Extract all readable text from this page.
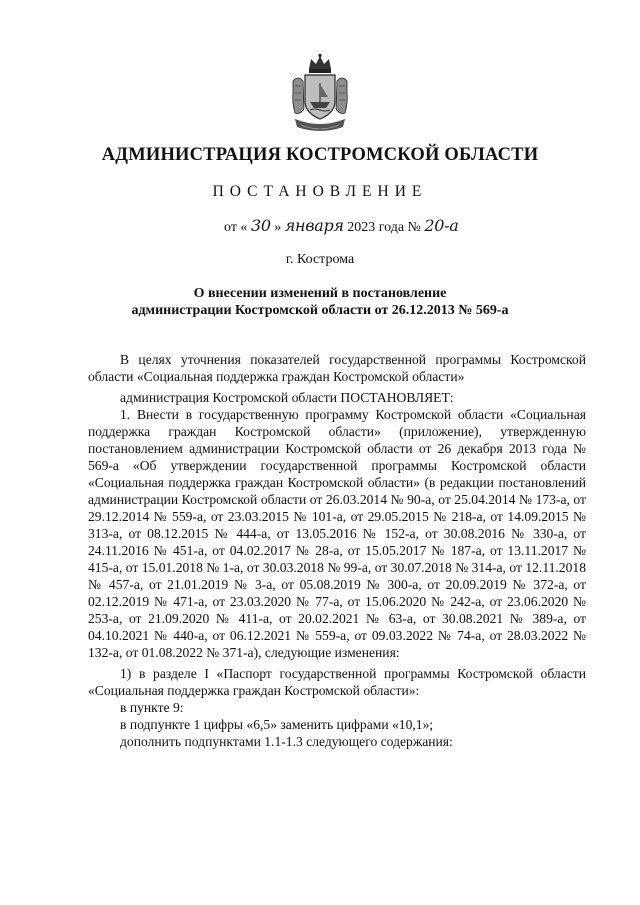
АДМИНИСТРАЦИЯ КОСТРОМСКОЙ ОБЛАСТИ
ПОСТАНОВЛЕНИЕ
от « 30 » января 2023 года № 20-а
г. Кострома
О внесении изменений в постановление
администрации Костромской области от 26.12.2013 № 569-а

В целях уточнения показателей государственной программы Костромской области «Социальная поддержка граждан Костромской области»

администрация Костромской области ПОСТАНОВЛЯЕТ:

1. Внести в государственную программу Костромской области «Социальная поддержка граждан Костромской области» (приложение), утвержденную постановлением администрации Костромской области от 26 декабря 2013 года № 569-а «Об утверждении государственной программы Костромской области «Социальная поддержка граждан Костромской области» (в редакции постановлений администрации Костромской области от 26.03.2014 № 90-а, от 25.04.2014 № 173-а, от 29.12.2014 № 559-а, от 23.03.2015 № 101-а, от 29.05.2015 № 218-а, от 14.09.2015 № 313-а, от 08.12.2015 № 444-а, от 13.05.2016 № 152-а, от 30.08.2016 № 330-а, от 24.11.2016 № 451-а, от 04.02.2017 № 28-а, от 15.05.2017 № 187-а, от 13.11.2017 № 415-а, от 15.01.2018 № 1-а, от 30.03.2018 № 99-а, от 30.07.2018 № 314-а, от 12.11.2018 № 457-а, от 21.01.2019 № 3-а, от 05.08.2019 № 300-а, от 20.09.2019 № 372-а, от 02.12.2019 № 471-а, от 23.03.2020 № 77-а, от 15.06.2020 № 242-а, от 23.06.2020 № 253-а, от 21.09.2020 № 411-а, от 20.02.2021 № 63-а, от 30.08.2021 № 389-а, от 04.10.2021 № 440-а, от 06.12.2021 № 559-а, от 09.03.2022 № 74-а, от 28.03.2022 № 132-а, от 01.08.2022 № 371-а), следующие изменения:

1) в разделе I «Паспорт государственной программы Костромской области «Социальная поддержка граждан Костромской области»:

в пункте 9:

в подпункте 1 цифры «6,5» заменить цифрами «10,1»;

дополнить подпунктами 1.1-1.3 следующего содержания:
